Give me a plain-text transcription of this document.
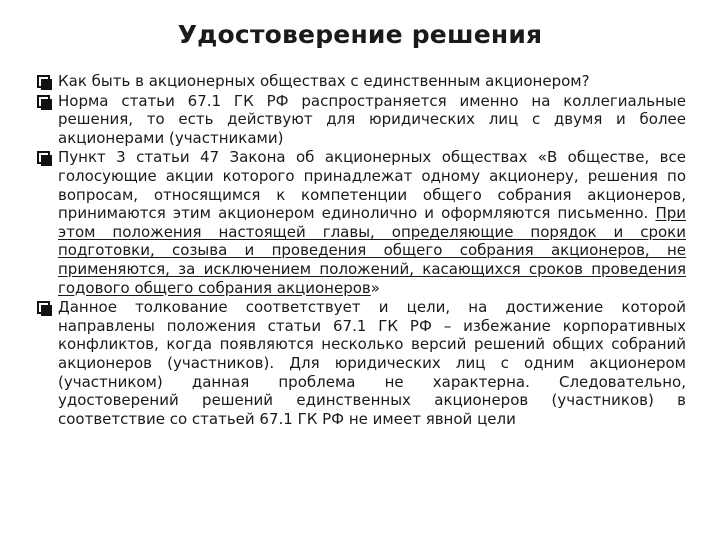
Удостоверение решения
Как быть в акционерных обществах с единственным акционером?
Норма статьи 67.1 ГК РФ распространяется именно на коллегиальные решения, то есть действуют для юридических лиц с двумя и более акционерами (участниками)
Пункт 3 статьи 47 Закона об акционерных обществах «В обществе, все голосующие акции которого принадлежат одному акционеру, решения по вопросам, относящимся к компетенции общего собрания акционеров, принимаются этим акционером единолично и оформляются письменно. При этом положения настоящей главы, определяющие порядок и сроки подготовки, созыва и проведения общего собрания акционеров, не применяются, за исключением положений, касающихся сроков проведения годового общего собрания акционеров»
Данное толкование соответствует и цели, на достижение которой направлены положения статьи 67.1 ГК РФ – избежание корпоративных конфликтов, когда появляются несколько версий решений общих собраний акционеров (участников). Для юридических лиц с одним акционером (участником) данная проблема не характерна. Следовательно, удостоверений решений единственных акционеров (участников) в соответствие со статьей 67.1 ГК РФ не имеет явной цели
